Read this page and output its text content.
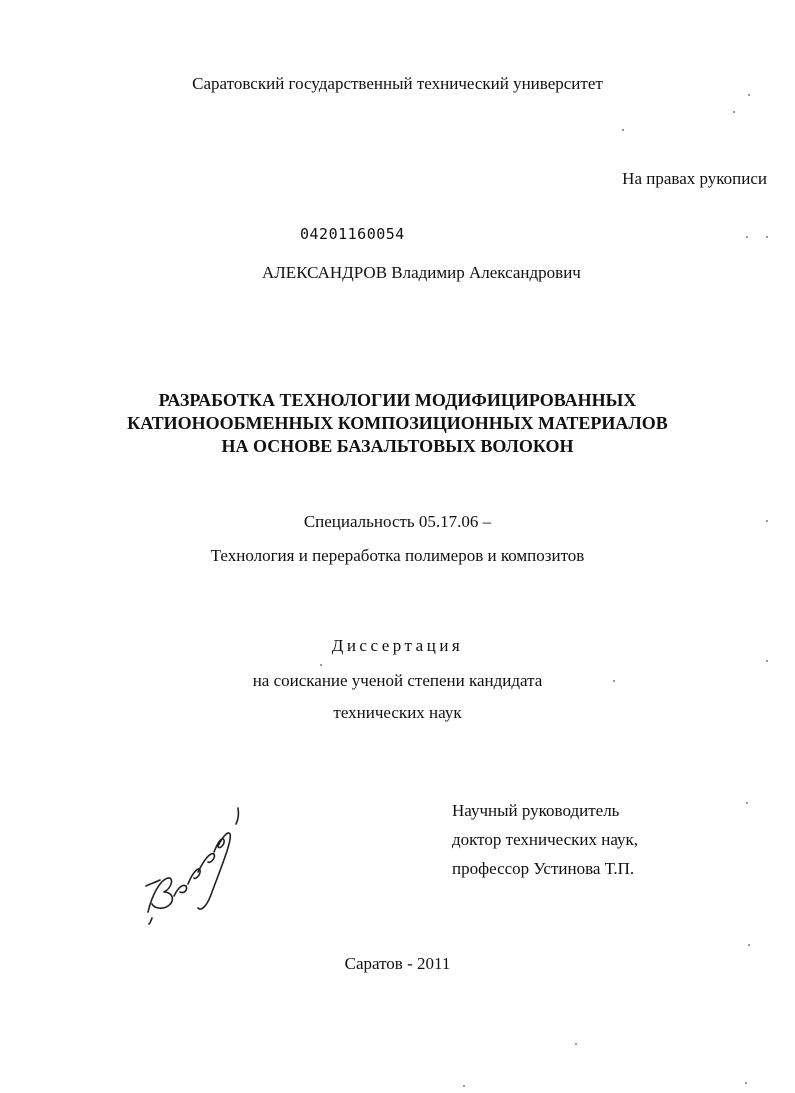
Саратовский государственный технический университет
На правах рукописи
04201160054
АЛЕКСАНДРОВ Владимир Александрович
РАЗРАБОТКА ТЕХНОЛОГИИ МОДИФИЦИРОВАННЫХ
КАТИОНООБМЕННЫХ КОМПОЗИЦИОННЫХ МАТЕРИАЛОВ
НА ОСНОВЕ БАЗАЛЬТОВЫХ ВОЛОКОН
Специальность 05.17.06 –
Технология и переработка полимеров и композитов
Диссертация
на соискание ученой степени кандидата
технических наук
Научный руководитель
доктор технических наук,
профессор Устинова Т.П.
Саратов - 2011
